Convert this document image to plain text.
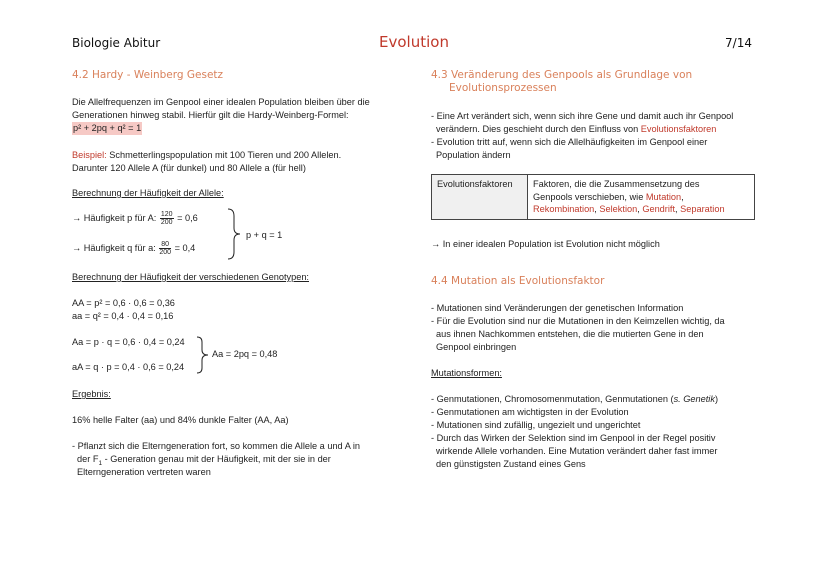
Biologie Abitur	Evolution	7/14
4.2 Hardy - Weinberg Gesetz
Die Allelfrequenzen im Genpool einer idealen Population bleiben über die
Generationen hinweg stabil. Hierfür gilt die Hardy-Weinberg-Formel:
p² + 2pq + q² = 1
Beispiel: Schmetterlingspopulation mit 100 Tieren und 200 Allelen.
Darunter 120 Allele A (für dunkel) und 80 Allele a (für hell)
Berechnung der Häufigkeit der Allele:
→ Häufigkeit p für A: $\frac{120}{200} = 0,6$
→ Häufigkeit q für a: $\frac{80}{200} = 0,4$
p + q = 1
Berechnung der Häufigkeit der verschiedenen Genotypen:
AA = p² = 0,6 · 0,6 = 0,36
aa = q² = 0,4 · 0,4 = 0,16
Aa = p · q = 0,6 · 0,4 = 0,24
aA = q · p = 0,4 · 0,6 = 0,24
Aa = 2pq = 0,48
Ergebnis:
16% helle Falter (aa) und 84% dunkle Falter (AA, Aa)
- Pflanzt sich die Elterngeneration fort, so kommen die Allele a und A in
der $F_1$ - Generation genau mit der Häufigkeit, mit der sie in der
Elterngeneration vertreten waren
4.3 Veränderung des Genpools als Grundlage von
Evolutionsprozessen
- Eine Art verändert sich, wenn sich ihre Gene und damit auch ihr Genpool
verändern. Dies geschieht durch den Einfluss von Evolutionsfaktoren
- Evolution tritt auf, wenn sich die Allelhäufigkeiten im Genpool einer
Population ändern
Evolutionsfaktoren	Faktoren, die die Zusammensetzung des
Genpools verschieben, wie Mutation,
Rekombination, Selektion, Gendrift, Separation
→ In einer idealen Population ist Evolution nicht möglich
4.4 Mutation als Evolutionsfaktor
- Mutationen sind Veränderungen der genetischen Information
- Für die Evolution sind nur die Mutationen in den Keimzellen wichtig, da
aus ihnen Nachkommen entstehen, die die mutierten Gene in den
Genpool einbringen
Mutationsformen:
- Genmutationen, Chromosomenmutation, Genmutationen (s. Genetik)
- Genmutationen am wichtigsten in der Evolution
- Mutationen sind zufällig, ungezielt und ungerichtet
- Durch das Wirken der Selektion sind im Genpool in der Regel positiv
wirkende Allele vorhanden. Eine Mutation verändert daher fast immer
den günstigsten Zustand eines Gens
